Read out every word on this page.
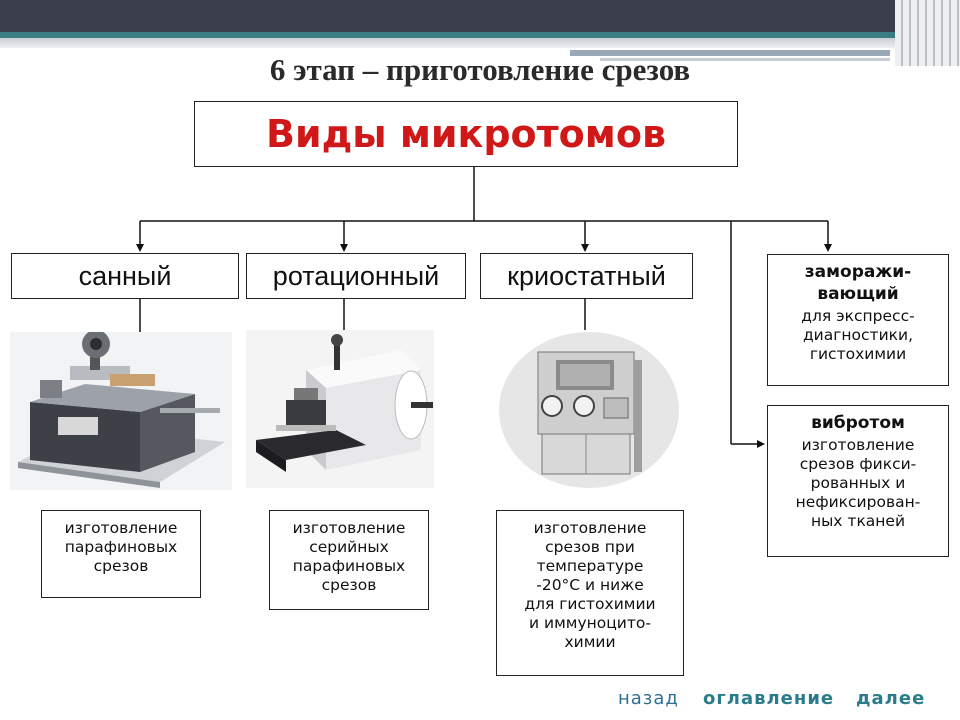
6 этап – приготовление срезов
Виды микротомов
санный	ротационный	криостатный	заморажи-
вающий
для экспресс-
диагностики,
гистохимии
вибротом
изготовление
срезов фикси-
рованных и
нефиксирован-
ных тканей
изготовление
парафиновых
срезов
изготовление
серийных
парафиновых
срезов
изготовление
срезов при
температуре
-20°С и ниже
для гистохимии
и иммуноцито-
химии
назад оглавление далее
